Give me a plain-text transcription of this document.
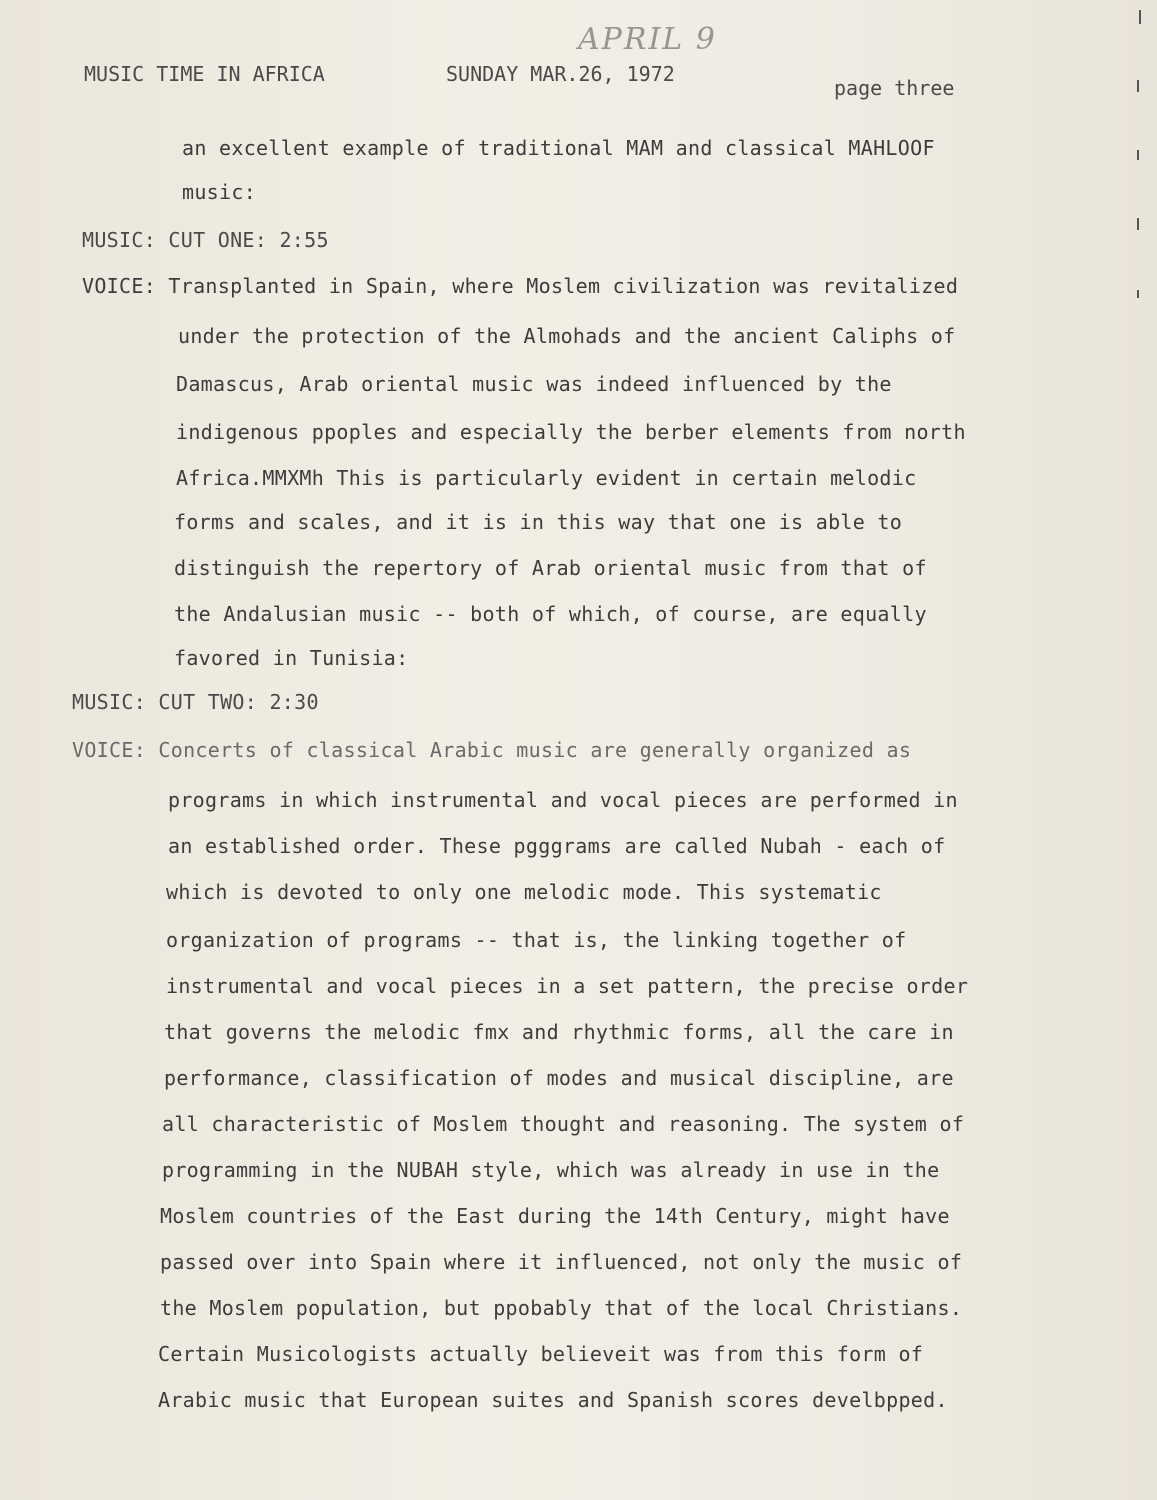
APRIL 9
MUSIC TIME IN AFRICA	SUNDAY MAR.26, 1972
page three
an excellent example of traditional MAM and classical MAHLOOF
music:
MUSIC: CUT ONE: 2:55
VOICE: Transplanted in Spain, where Moslem civilization was revitalized
under the protection of the Almohads and the ancient Caliphs of
Damascus, Arab oriental music was indeed influenced by the
indigenous ppoples and especially the berber elements from north
Africa.MMXMh This is particularly evident in certain melodic
forms and scales, and it is in this way that one is able to
distinguish the repertory of Arab oriental music from that of
the Andalusian music -- both of which, of course, are equally
favored in Tunisia:
MUSIC: CUT TWO: 2:30
VOICE: Concerts of classical Arabic music are generally organized as
programs in which instrumental and vocal pieces are performed in
an established order. These pgggrams are called Nubah - each of
which is devoted to only one melodic mode. This systematic
organization of programs -- that is, the linking together of
instrumental and vocal pieces in a set pattern, the precise order
that governs the melodic fmx and rhythmic forms, all the care in
performance, classification of modes and musical discipline, are
all characteristic of Moslem thought and reasoning. The system of
programming in the NUBAH style, which was already in use in the
Moslem countries of the East during the 14th Century, might have
passed over into Spain where it influenced, not only the music of
the Moslem population, but ppobably that of the local Christians.
Certain Musicologists actually believeit was from this form of
Arabic music that European suites and Spanish scores develbpped.
